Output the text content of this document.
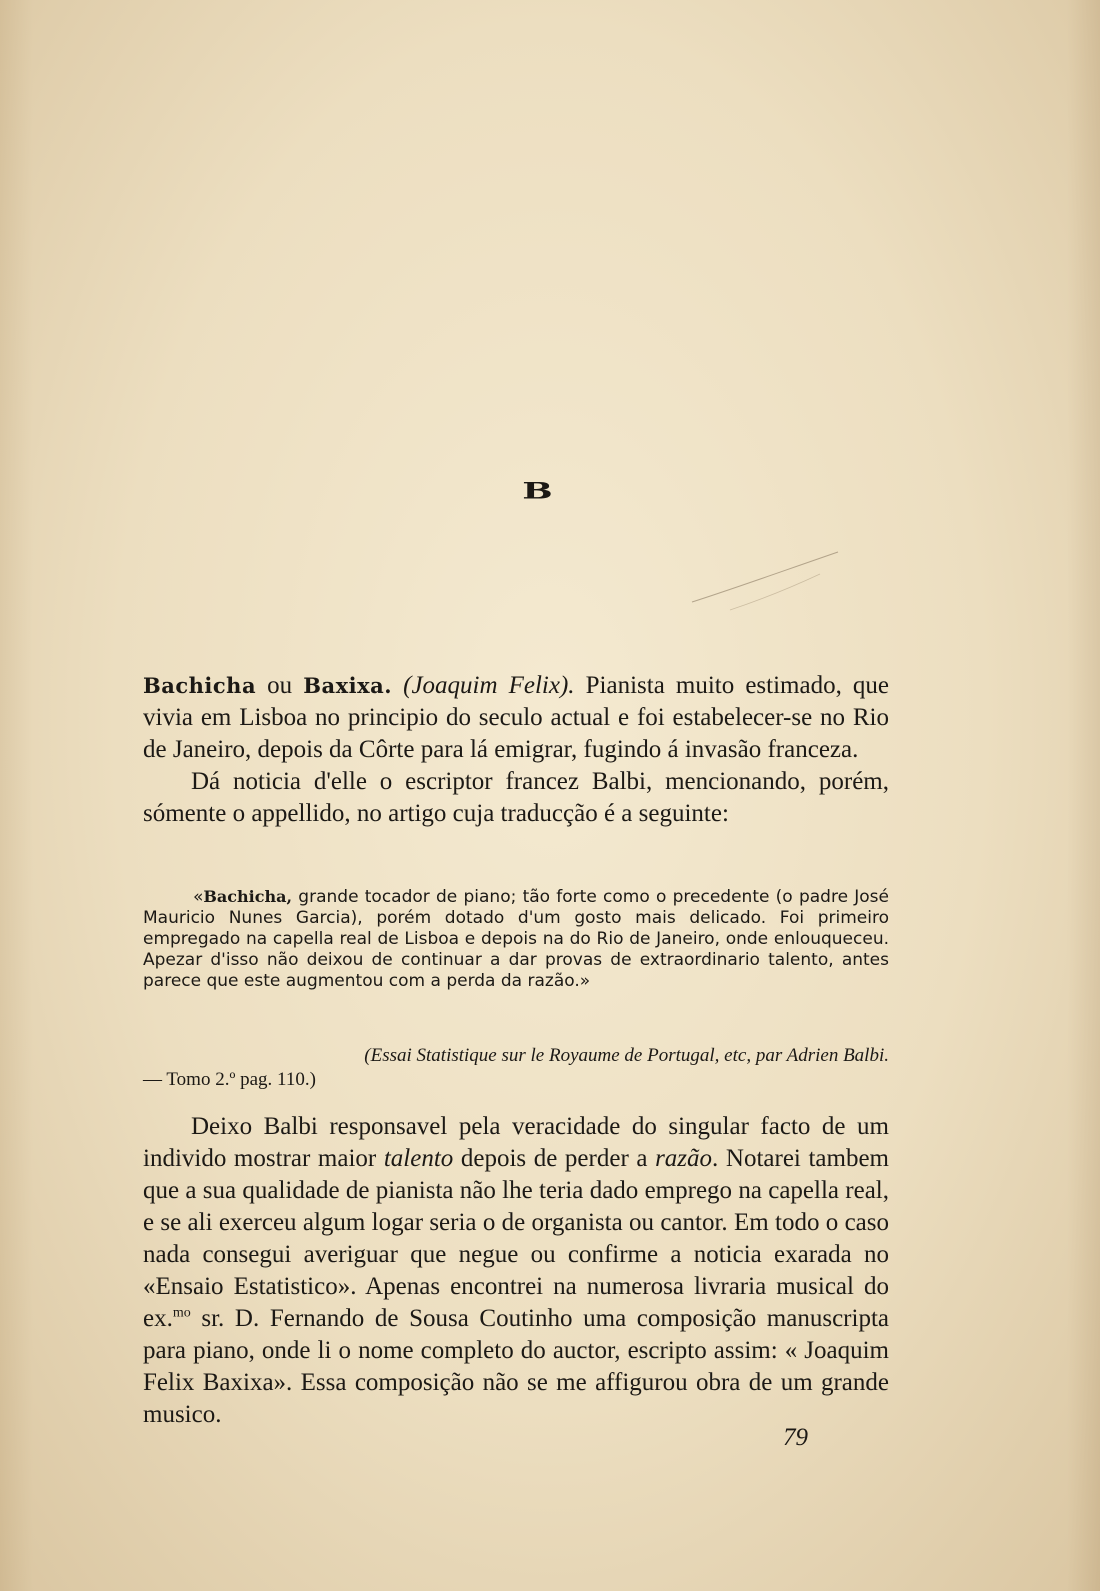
B

Bachicha ou Baxixa. (Joaquim Felix). Pianista muito estimado, que vivia em Lisboa no principio do seculo actual e foi estabelecer-se no Rio de Janeiro, depois da Côrte para lá emigrar, fugindo á invasão franceza.

Dá noticia d'elle o escriptor francez Balbi, mencionando, porém, sómente o appellido, no artigo cuja traducção é a seguinte:

«Bachicha, grande tocador de piano; tão forte como o precedente (o padre José Mauricio Nunes Garcia), porém dotado d'um gosto mais delicado. Foi primeiro empregado na capella real de Lisboa e depois na do Rio de Janeiro, onde enlouqueceu. Apezar d'isso não deixou de continuar a dar provas de extraordinario talento, antes parece que este augmentou com a perda da razão.»

(Essai Statistique sur le Royaume de Portugal, etc, par Adrien Balbi.
— Tomo 2.º pag. 110.)

Deixo Balbi responsavel pela veracidade do singular facto de um individo mostrar maior talento depois de perder a razão. Notarei tambem que a sua qualidade de pianista não lhe teria dado emprego na capella real, e se ali exerceu algum logar seria o de organista ou cantor. Em todo o caso nada consegui averiguar que negue ou confirme a noticia exarada no «Ensaio Estatistico». Apenas encontrei na numerosa livraria musical do ex.$^{mo}$ sr. D. Fernando de Sousa Coutinho uma composição manuscripta para piano, onde li o nome completo do auctor, escripto assim: « Joaquim Felix Baxixa». Essa composição não se me affigurou obra de um grande musico.

79
